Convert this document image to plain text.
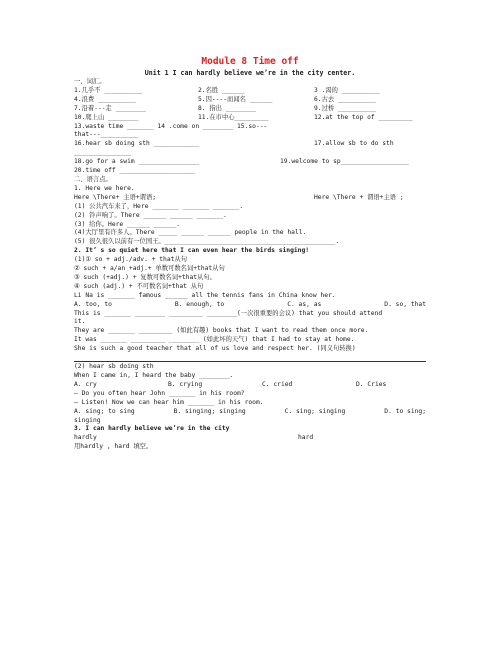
Module 8 Time off
Unit 1 I can hardly believe we’re in the city center.
一、词汇。
1.几乎不 __________	2.名胜 ______	3 .渴的 __________
4.浪费 __________	5.因----而闻名 ______	6.古去 __________
7.沿着---走 ________	8. 指出 ________	9.过桥 __________
10.爬上山 ________	11.在市中心_________	12.at the top of _________
13.waste time _______ 14 .come on ________ 15.so---
that---__________
16.hear sb doing sth ____________	17.allow sb to do sth
_______________
18.go for a swim ________________	19.welcome to sp__________________
20.time off ____________________
二、语言点。
1. Here we here.
Here \There+ 主语+谓语;	Here \There + 谓语+主语 ;
(1) 公共汽车来了，Here _______ _______ _______.
(2) 铃声响了。There ______ ______ _______.
(3) 给你。Here ______ ______.
(4)大厅里有许多人。There _____ ______ ______ people in the hall.
(5) 很久很久以前有一位国王。_____________________________________________.
2. It’ s so quiet here that I can even hear the birds singing!
(1)① so + adj./adv. + that从句
② such + a/an +adj.+ 单数可数名词+that从句
③ such (+adj.) + 复数可数名词+that从句。
④ such (adj.) + 不可数名词+that 从句
Li Na is _______ famous ______ all the tennis fans in China know her.
A. too, to	B. enough, to	C. as, as	D. so, that
This is _______ ________ _________ ________(一次很重要的会议) that you should attend
it.
They are _______ _________ (如此有趣) books that I want to read them once more.
It was _______ _________ ________ (如此坏的天气) that I had to stay at home.
She is such a good teacher that all of us love and respect her. (同义句转换)
(2) hear sb doing sth
When I came in, I heard the baby ________.
A. cry	B. crying	C. cried	D. Cries
— Do you often hear John _______ in his room?
— Listen! Now we can hear him _______ in his room.
A. sing; to sing	B. singing; singing	C. sing; singing	D. to sing;
singing
3. I can hardly believe we’re in the city
hardly	hard
用hardly , hard 填空。
